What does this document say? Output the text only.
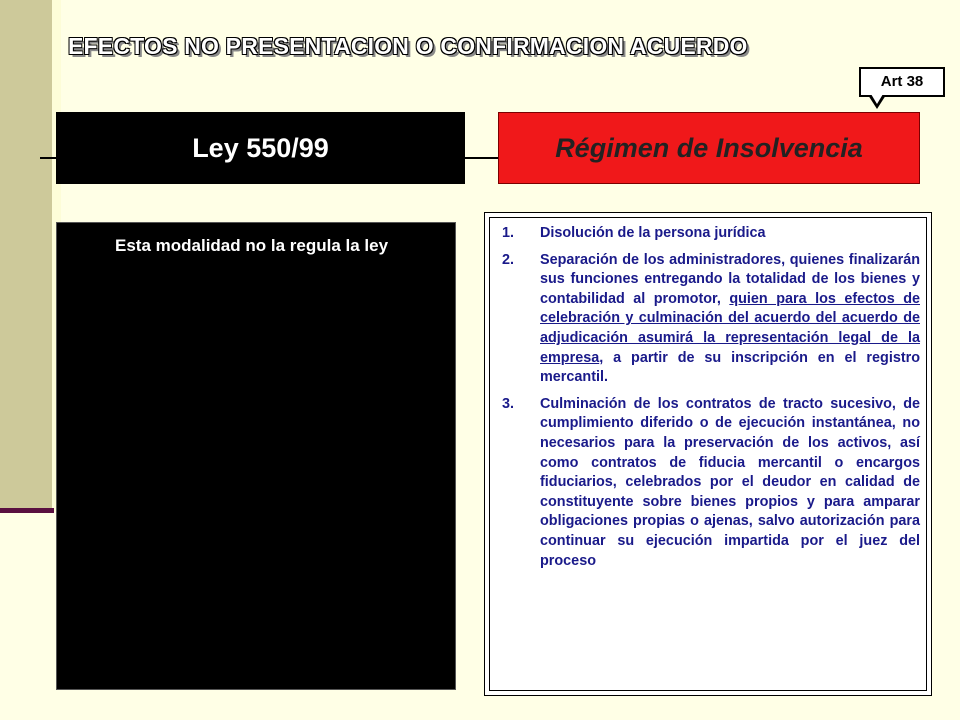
EFECTOS NO PRESENTACION O CONFIRMACION ACUERDO
Art 38
Ley 550/99	Régimen de Insolvencia
Esta modalidad no la regula la ley
1.	Disolución de la persona jurídica
2.	Separación de los administradores, quienes finalizarán sus funciones entregando la totalidad de los bienes y contabilidad al promotor, quien para los efectos de celebración y culminación del acuerdo del acuerdo de adjudicación asumirá la representación legal de la empresa, a partir de su inscripción en el registro mercantil.
3.	Culminación de los contratos de tracto sucesivo, de cumplimiento diferido o de ejecución instantánea, no necesarios para la preservación de los activos, así como contratos de fiducia mercantil o encargos fiduciarios, celebrados por el deudor en calidad de constituyente sobre bienes propios y para amparar obligaciones propias o ajenas, salvo autorización para continuar su ejecución impartida por el juez del proceso
